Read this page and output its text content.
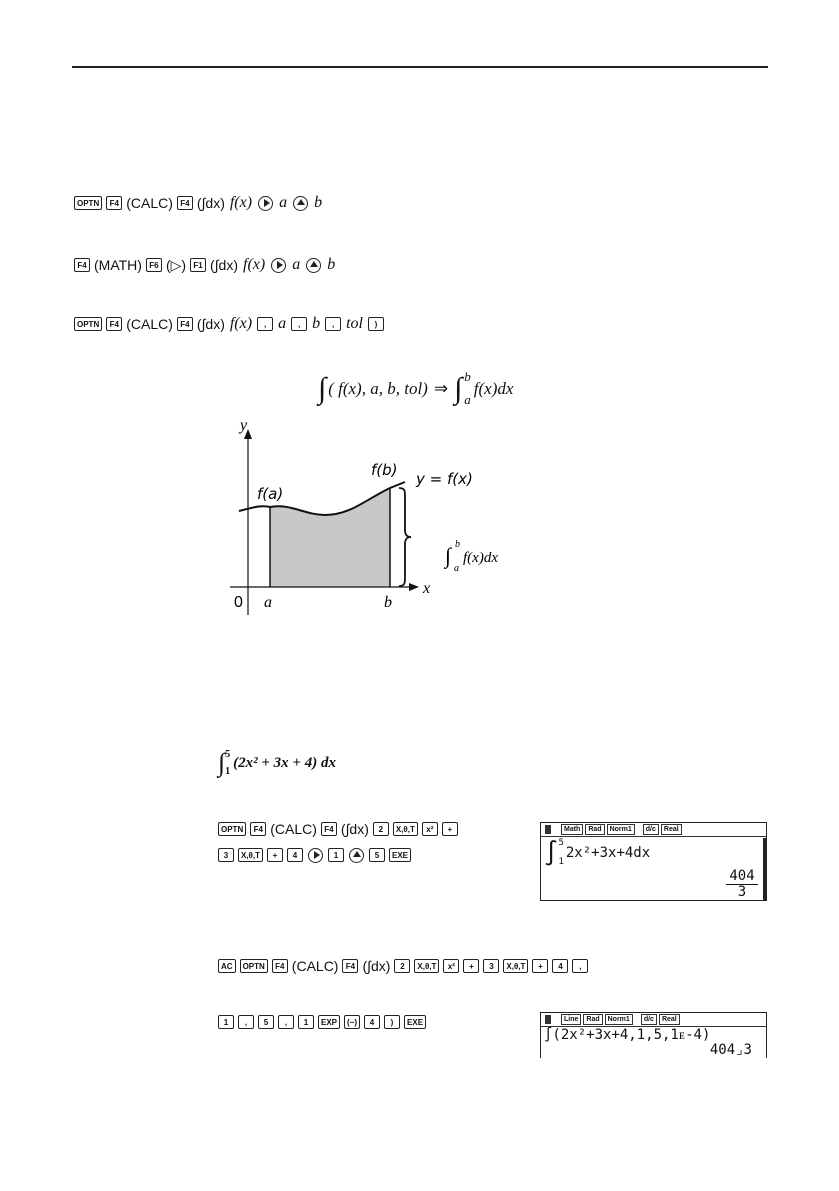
OPTN	F4 (CALC) F4 (∫dx) f(x) a b
F4 (MATH) F6 (▷) F1 (∫dx) f(x) a b
OPTN	F4 (CALC) F4 (∫dx) f(x)	, a	, b	, tol	)
∫ ( f(x), a, b, tol) ⇒ ∫ b
a
f(x)dx
y
x
0 a	b
f(a)
f(b) y = f(x)
∫ b
a
f(x)dx
∫ 5
1
(2x² + 3x + 4) dx
OPTN	F4 (CALC) F4 (∫dx)	2	X,θ,T	x²	+
3	X,θ,T	+	4	1	5	EXE
Math	Rad	Norm1	d/c	Real
∫ 5
1
2x²+3x+4dx
404
3
AC	OPTN	F4 (CALC) F4 (∫dx)	2	X,θ,T	x²	+	3	X,θ,T	+	4	,
1	,	5	,	1	EXP	(−)	4	)	EXE	Line	Rad	Norm1	d/c	Real
∫(2x²+3x+4,1,5,1ᴇ-4)
404⌟3
